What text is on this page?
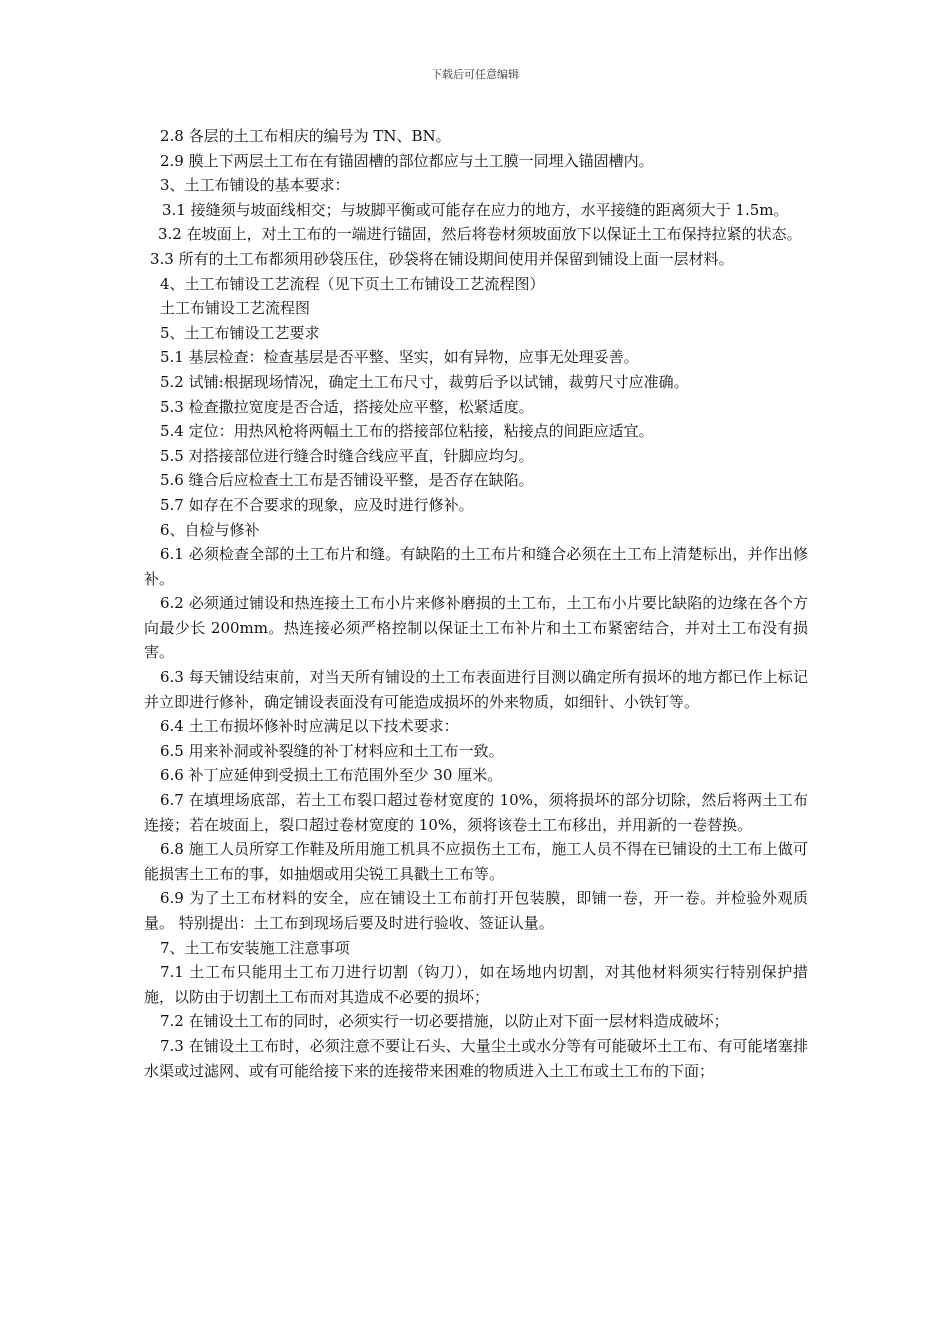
下载后可任意编辑

2.8 各层的土工布相庆的编号为 TN、BN。

2.9 膜上下两层土工布在有锚固槽的部位都应与土工膜一同埋入锚固槽内。

3、土工布铺设的基本要求：

3.1 接缝须与坡面线相交；与坡脚平衡或可能存在应力的地方，水平接缝的距离须大于 1.5m。

3.2 在坡面上，对土工布的一端进行锚固，然后将卷材须坡面放下以保证土工布保持拉紧的状态。

3.3 所有的土工布都须用砂袋压住，砂袋将在铺设期间使用并保留到铺设上面一层材料。

4、土工布铺设工艺流程（见下页土工布铺设工艺流程图）

土工布铺设工艺流程图

5、土工布铺设工艺要求

5.1 基层检查：检查基层是否平整、坚实，如有异物，应事无处理妥善。

5.2 试铺:根据现场情况，确定土工布尺寸，裁剪后予以试铺，裁剪尺寸应准确。

5.3 检查撒拉宽度是否合适，搭接处应平整，松紧适度。

5.4 定位：用热风枪将两幅土工布的搭接部位粘接，粘接点的间距应适宜。

5.5 对搭接部位进行缝合时缝合线应平直，针脚应均匀。

5.6 缝合后应检查土工布是否铺设平整，是否存在缺陷。

5.7 如存在不合要求的现象，应及时进行修补。

6、自检与修补

6.1 必须检查全部的土工布片和缝。有缺陷的土工布片和缝合必须在土工布上清楚标出，并作出修补。

6.2 必须通过铺设和热连接土工布小片来修补磨损的土工布，土工布小片要比缺陷的边缘在各个方向最少长 200mm。热连接必须严格控制以保证土工布补片和土工布紧密结合，并对土工布没有损害。

6.3 每天铺设结束前，对当天所有铺设的土工布表面进行目测以确定所有损坏的地方都已作上标记并立即进行修补，确定铺设表面没有可能造成损坏的外来物质，如细针、小铁钉等。

6.4 土工布损坏修补时应满足以下技术要求：

6.5 用来补洞或补裂缝的补丁材料应和土工布一致。

6.6 补丁应延伸到受损土工布范围外至少 30 厘米。

6.7 在填埋场底部，若土工布裂口超过卷材宽度的 10%，须将损坏的部分切除，然后将两土工布连接；若在坡面上，裂口超过卷材宽度的 10%，须将该卷土工布移出，并用新的一卷替换。

6.8 施工人员所穿工作鞋及所用施工机具不应损伤土工布，施工人员不得在已铺设的土工布上做可能损害土工布的事，如抽烟或用尖锐工具戳土工布等。

6.9 为了土工布材料的安全，应在铺设土工布前打开包装膜，即铺一卷，开一卷。并检验外观质量。 特别提出：土工布到现场后要及时进行验收、签证认量。

7、土工布安装施工注意事项

7.1 土工布只能用土工布刀进行切割（钩刀），如在场地内切割，对其他材料须实行特别保护措施，以防由于切割土工布而对其造成不必要的损坏；

7.2 在铺设土工布的同时，必须实行一切必要措施，以防止对下面一层材料造成破坏；

7.3 在铺设土工布时，必须注意不要让石头、大量尘土或水分等有可能破坏土工布、有可能堵塞排水渠或过滤网、或有可能给接下来的连接带来困难的物质进入土工布或土工布的下面；
